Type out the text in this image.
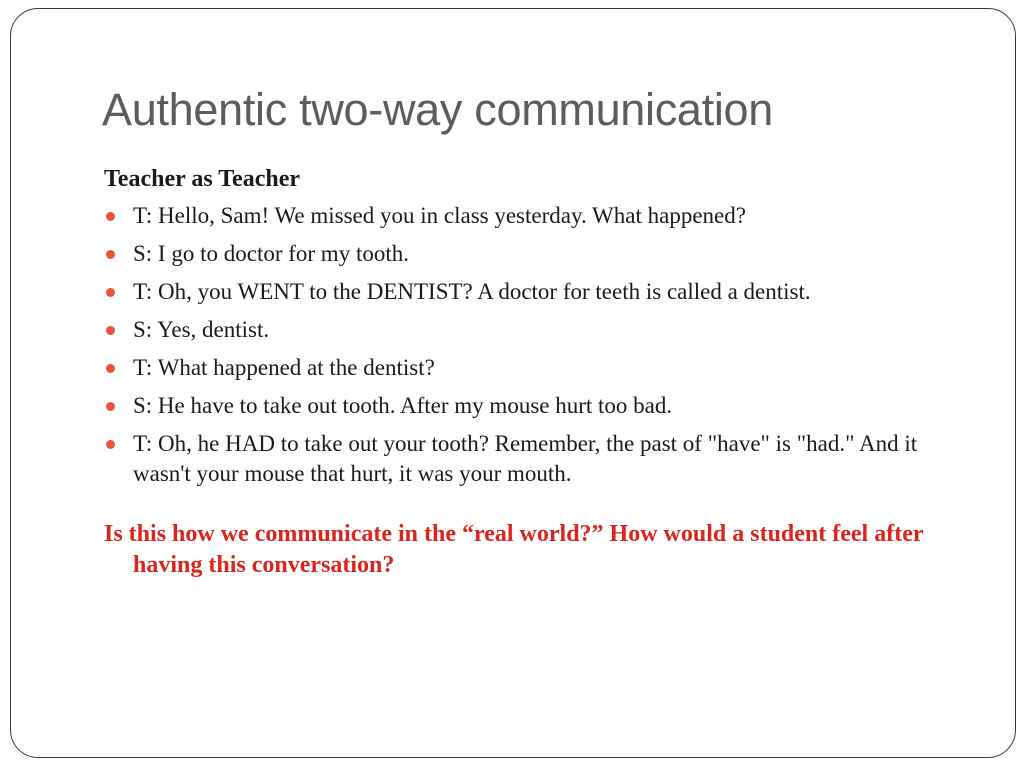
Authentic two-way communication
Teacher as Teacher
T: Hello, Sam! We missed you in class yesterday. What happened?
S: I go to doctor for my tooth.
T: Oh, you WENT to the DENTIST? A doctor for teeth is called a dentist.
S: Yes, dentist.
T: What happened at the dentist?
S: He have to take out tooth. After my mouse hurt too bad.
T: Oh, he HAD to take out your tooth? Remember, the past of "have" is "had." And it wasn't your mouse that hurt, it was your mouth.
Is this how we communicate in the “real world?” How would a student feel after having this conversation?
